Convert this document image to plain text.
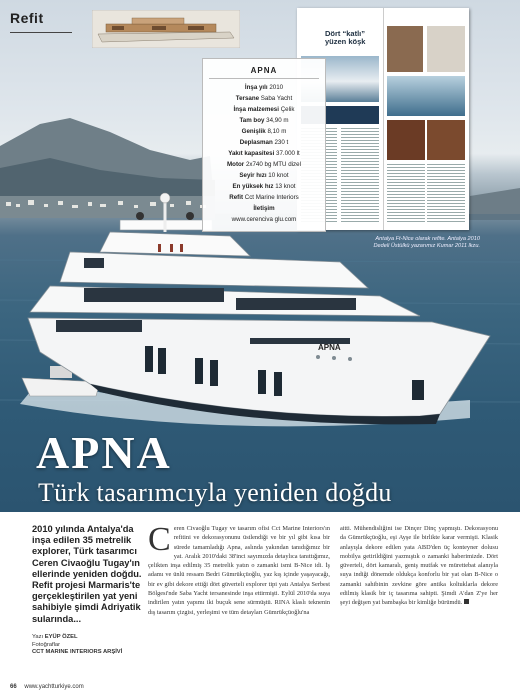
Refit
Dört “katlı” yüzen köşk
Antalya Ft-Nice olarak refite. Antalya 2010 Dedeli Üstülkü yazarımız Kumar 2011 lkzu.
APNA
İnşa yılı 2010
Tersane Saba Yacht
İnşa malzemesi Çelik
Tam boy 34,90 m
Genişlik 8,10 m
Deplasman 230 t
Yakıt kapasitesi 37.000 lt
Motor 2x740 bg MTU dizel
Seyir hızı 10 knot
En yüksek hız 13 knot
Refit Cct Marine Interiors
İletişim
www.cerenciva glu.com
APNA
APNA
Türk tasarımcıyla yeniden doğdu
2010 yılında Antalya'da inşa edilen 35 metrelik explorer, Türk tasarımcı Ceren Civaoğlu Tugay'ın ellerinde yeniden doğdu. Refit projesi Marmaris'te gerçekleştirilen yat yeni sahibiyle şimdi Adriyatik sularında...
Yazı EYÜP ÖZEL
Fotoğraflar
CCT MARINE INTERIORS ARŞİVİ
Ceren Civaoğlu Tugay ve tasarım ofisi Cct Marine Interiors'ın refitini ve dekorasyonunu üstlendiği ve bir yıl gibi kısa bir sürede tamamladığı Apna, aslında yakından tanıdığımız bir yat. Aralık 2010'daki 38'inci sayımızda detaylıca tanıttığımız, çelikten inşa edilmiş 35 metrelik yatın o zamanki ismi B-Nice idi. İş adamı ve ünlü ressam Bedri Gümrükçüoğlu, yaz kış içinde yaşayacağı, bir ev gibi dekore ettiği dört güverteli explorer tipi yatı Antalya Serbest Bölgesi'nde Saba Yacht tersanesinde inşa ettirmişti. Eylül 2010'da suya indirilen yatın yapımı iki buçuk sene sürmüştü. RINA klaslı teknenin dış tasarım çizgisi, yerleşimi ve tüm detayları Gümrükçüoğlu'na
aitti. Mühendisliğini ise Dinçer Dinç yapmıştı. Dekorasyonu da Gümrükçüoğlu, eşi Ayşe ile birlikte karar vermişti. Klasik anlayışla dekore edilen yata ABD'den üç konteyner dolusu mobilya getirildiğini yazmıştık o zamanki haberimizde. Dört güverteli, dört kamaralı, geniş mutfak ve mürettebat alanıyla suya indiği dönemde oldukça konforlu bir yat olan B-Nice o zamanki sahibinin zevkine göre antika koltuklarla dekore edilmiş klasik bir iç tasarıma sahipti. Şimdi A'dan Z'ye her şeyi değişen yat bambaşka bir kimliğe bürümdü.
66 www.yachtturkiye.com
